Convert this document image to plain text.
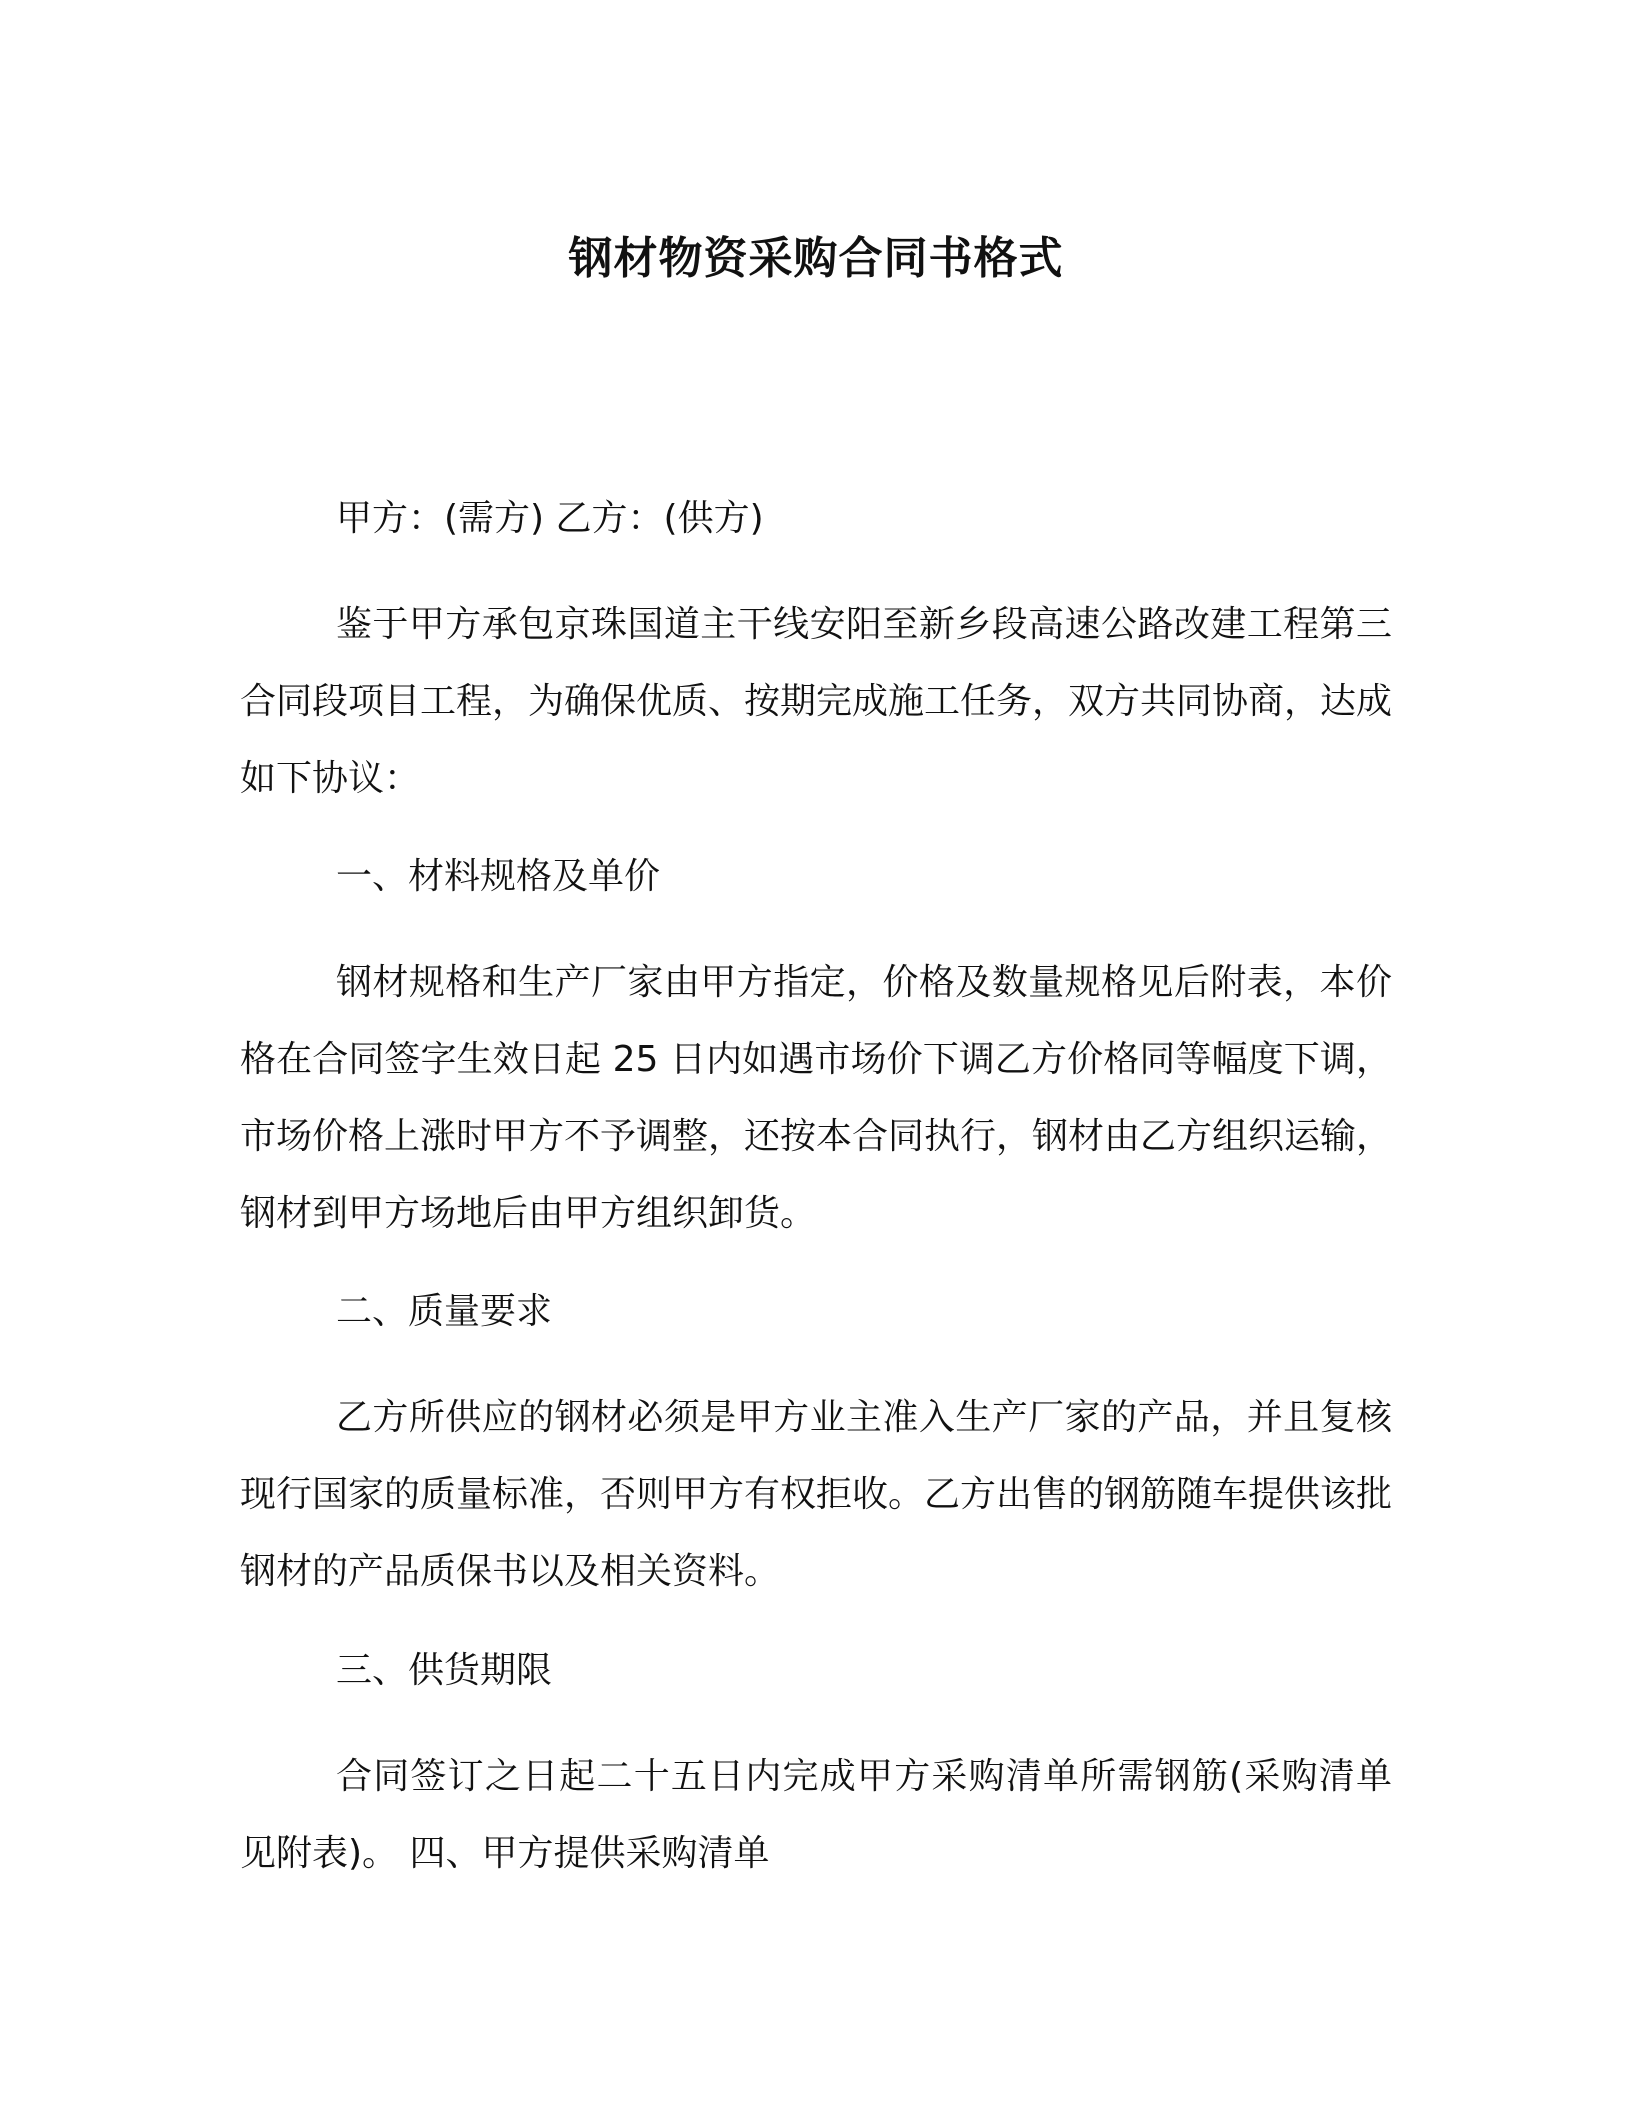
钢材物资采购合同书格式

甲方：(需方) 乙方：(供方)

鉴于甲方承包京珠国道主干线安阳至新乡段高速公路改建工程第三合同段项目工程，为确保优质、按期完成施工任务，双方共同协商，达成如下协议：

一、材料规格及单价

钢材规格和生产厂家由甲方指定，价格及数量规格见后附表，本价格在合同签字生效日起 25 日内如遇市场价下调乙方价格同等幅度下调，市场价格上涨时甲方不予调整，还按本合同执行，钢材由乙方组织运输，钢材到甲方场地后由甲方组织卸货。

二、质量要求

乙方所供应的钢材必须是甲方业主准入生产厂家的产品，并且复核现行国家的质量标准，否则甲方有权拒收。乙方出售的钢筋随车提供该批钢材的产品质保书以及相关资料。

三、供货期限

合同签订之日起二十五日内完成甲方采购清单所需钢筋(采购清单见附表)。 四、甲方提供采购清单
